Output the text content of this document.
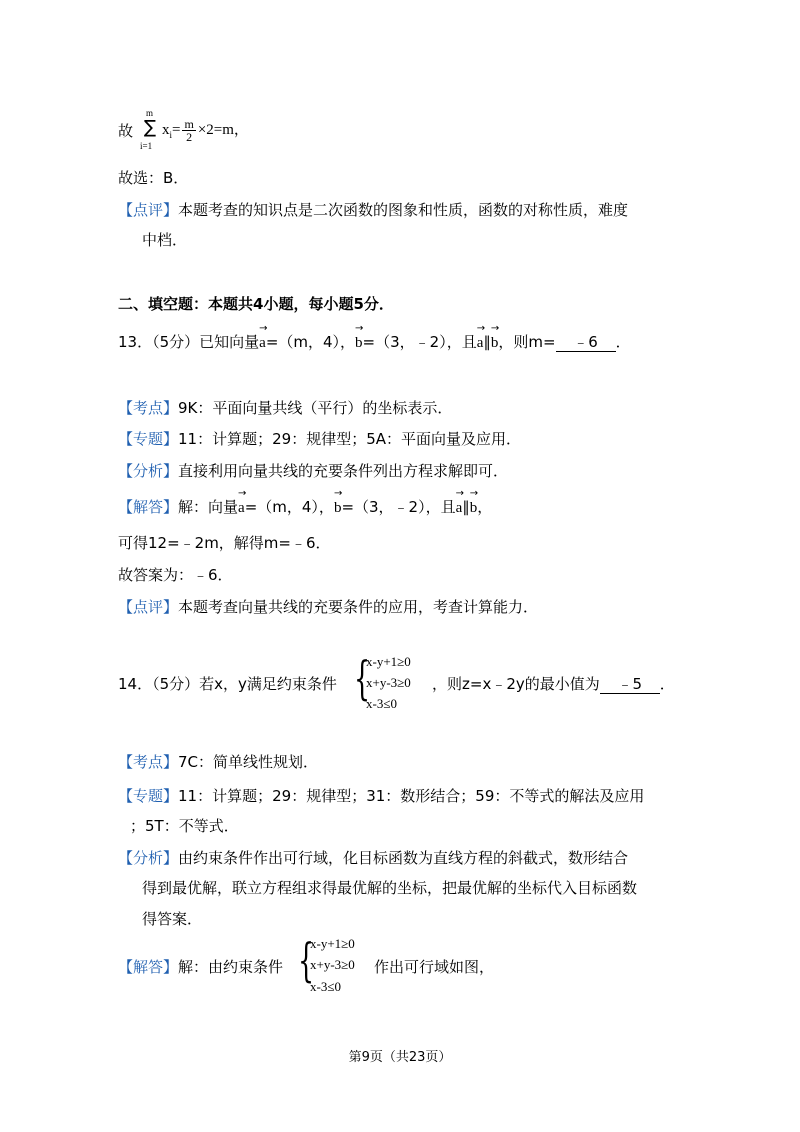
故
m
∑
i=1
$x_i= \frac{m}{2} \times 2=m$，
故选：B．
【点评】本题考查的知识点是二次函数的图象和性质，函数的对称性质，难度
中档．
二、填空题：本题共4小题，每小题5分．
13．（5分）已知向量
→
a=（m，4），
→
b=（3，﹣2），且
→
a∥
→
b，则m= ﹣6 ．
【考点】9K：平面向量共线（平行）的坐标表示．
【专题】11：计算题；29：规律型；5A：平面向量及应用．
【分析】直接利用向量共线的充要条件列出方程求解即可．
【解答】解：向量
→
a=（m，4），
→
b=（3，﹣2），且
→
a∥
→
b，
可得12=﹣2m，解得m=﹣6．
故答案为：﹣6．
【点评】本题考查向量共线的充要条件的应用，考查计算能力．
14．（5分）若x，y满足约束条件 {
x-y+1≥0
x+y-3≥0
x-3≤0
，则z=x﹣2y的最小值为 ﹣5 ．
【考点】7C：简单线性规划．
【专题】11：计算题；29：规律型；31：数形结合；59：不等式的解法及应用
；5T：不等式．
【分析】由约束条件作出可行域，化目标函数为直线方程的斜截式，数形结合
得到最优解，联立方程组求得最优解的坐标，把最优解的坐标代入目标函数
得答案．
【解答】解：由约束条件 {
x-y+1≥0
x+y-3≥0
x-3≤0
作出可行域如图，
第9页（共23页）
